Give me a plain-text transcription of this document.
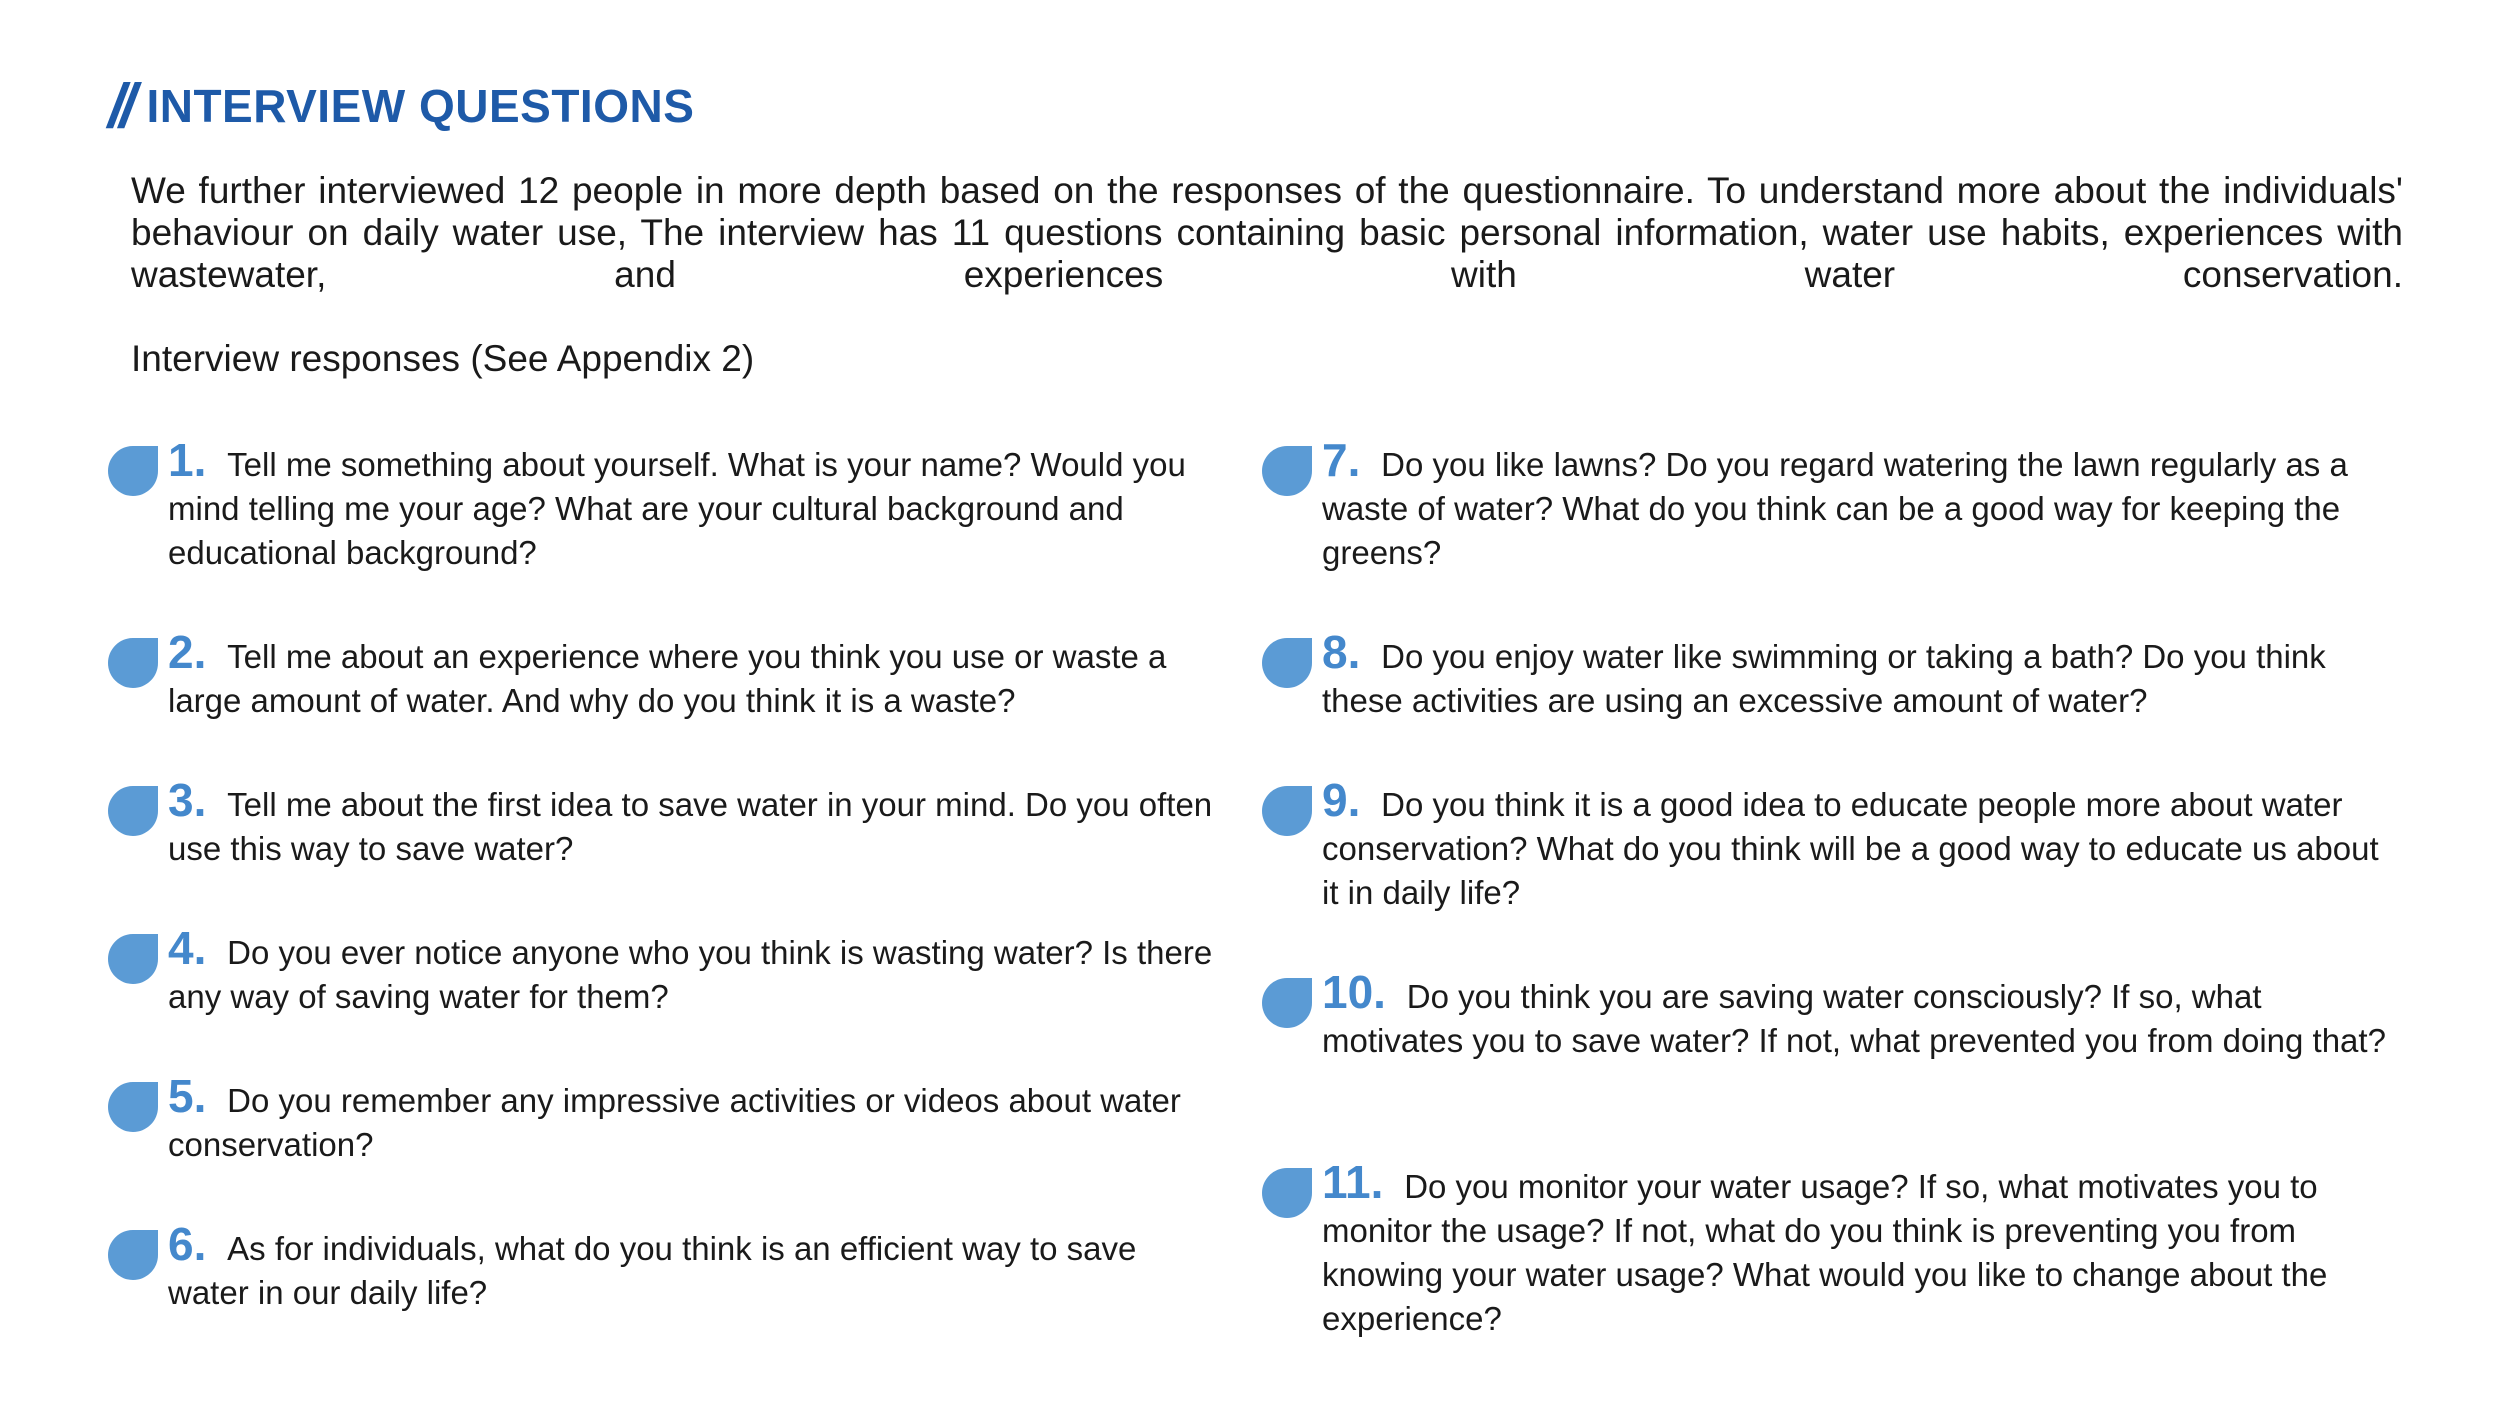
// INTERVIEW QUESTIONS

We further interviewed 12 people in more depth based on the responses of the questionnaire. To understand more about the individuals' behaviour on daily water use, The interview has 11 questions containing basic personal information, water use habits, experiences with wastewater, and experiences with water conservation.

Interview responses (See Appendix 2)

1. Tell me something about yourself. What is your name? Would you mind telling me your age? What are your cultural background and educational background?
2. Tell me about an experience where you think you use or waste a large amount of water. And why do you think it is a waste?
3. Tell me about the first idea to save water in your mind. Do you often use this way to save water?
4. Do you ever notice anyone who you think is wasting water? Is there any way of saving water for them?
5. Do you remember any impressive activities or videos about water conservation?
6. As for individuals, what do you think is an efficient way to save water in our daily life?
7. Do you like lawns? Do you regard watering the lawn regularly as a waste of water? What do you think can be a good way for keeping the greens?
8. Do you enjoy water like swimming or taking a bath? Do you think these activities are using an excessive amount of water?
9. Do you think it is a good idea to educate people more about water conservation? What do you think will be a good way to educate us about it in daily life?
10. Do you think you are saving water consciously? If so, what motivates you to save water? If not, what prevented you from doing that?
11. Do you monitor your water usage? If so, what motivates you to monitor the usage? If not, what do you think is preventing you from knowing your water usage? What would you like to change about the experience?
